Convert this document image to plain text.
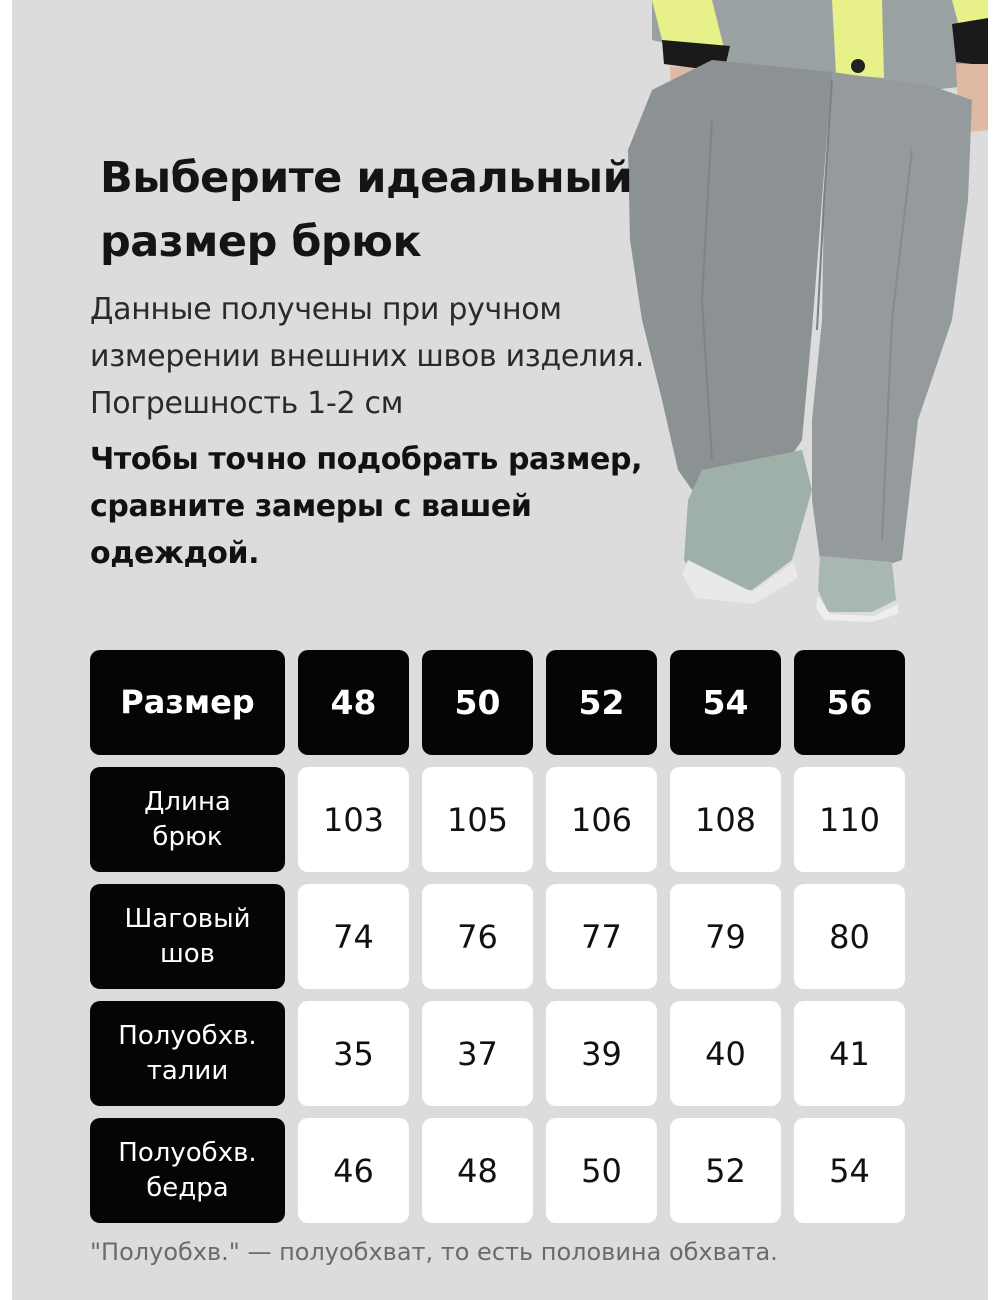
Выберите идеальный размер брюк

Данные получены при ручном измерении внешних швов изделия. Погрешность 1-2 см

Чтобы точно подобрать размер, сравните замеры с вашей одеждой.

Размер	48	50	52	54	56
Длина
брюк	103	105	106	108	110
Шаговый
шов	74	76	77	79	80
Полуобхв.
талии	35	37	39	40	41
Полуобхв.
бедра	46	48	50	52	54

"Полуобхв." — полуобхват, то есть половина обхвата.
